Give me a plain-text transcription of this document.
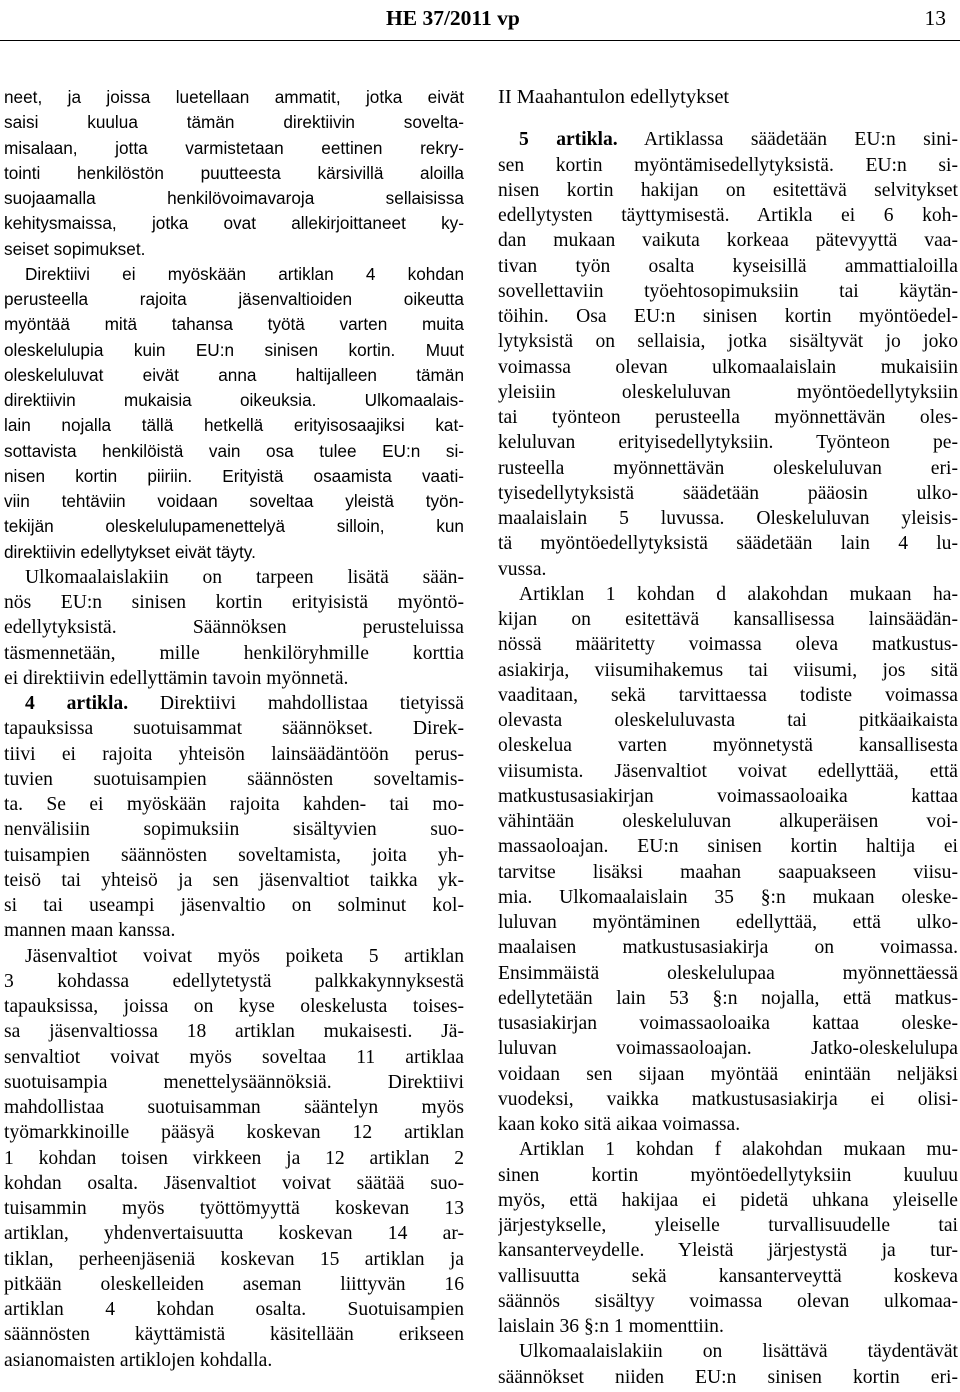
HE 37/2011 vp	13
neet, ja joissa luetellaan ammatit, jotka eivät
saisi kuulua tämän direktiivin sovelta-
misalaan, jotta varmistetaan eettinen rekry-
tointi henkilöstön puutteesta kärsivillä aloilla
suojaamalla henkilövoimavaroja sellaisissa
kehitysmaissa, jotka ovat allekirjoittaneet ky-
seiset sopimukset.
Direktiivi ei myöskään artiklan 4 kohdan
perusteella rajoita jäsenvaltioiden oikeutta
myöntää mitä tahansa työtä varten muita
oleskelulupia kuin EU:n sinisen kortin. Muut
oleskeluluvat eivät anna haltijalleen tämän
direktiivin mukaisia oikeuksia. Ulkomaalais-
lain nojalla tällä hetkellä erityisosaajiksi kat-
sottavista henkilöistä vain osa tulee EU:n si-
nisen kortin piiriin. Erityistä osaamista vaati-
viin tehtäviin voidaan soveltaa yleistä työn-
tekijän oleskelulupamenettelyä silloin, kun
direktiivin edellytykset eivät täyty.
Ulkomaalaislakiin on tarpeen lisätä sään-
nös EU:n sinisen kortin erityisistä myöntö-
edellytyksistä. Säännöksen perusteluissa
täsmennetään, mille henkilöryhmille korttia
ei direktiivin edellyttämin tavoin myönnetä.
4 artikla. Direktiivi mahdollistaa tietyissä
tapauksissa suotuisammat säännökset. Direk-
tiivi ei rajoita yhteisön lainsäädäntöön perus-
tuvien suotuisampien säännösten soveltamis-
ta. Se ei myöskään rajoita kahden- tai mo-
nenvälisiin sopimuksiin sisältyvien suo-
tuisampien säännösten soveltamista, joita yh-
teisö tai yhteisö ja sen jäsenvaltiot taikka yk-
si tai useampi jäsenvaltio on solminut kol-
mannen maan kanssa.
Jäsenvaltiot voivat myös poiketa 5 artiklan
3 kohdassa edellytetystä palkkakynnyksestä
tapauksissa, joissa on kyse oleskelusta toises-
sa jäsenvaltiossa 18 artiklan mukaisesti. Jä-
senvaltiot voivat myös soveltaa 11 artiklaa
suotuisampia menettelysäännöksiä. Direktiivi
mahdollistaa suotuisamman sääntelyn myös
työmarkkinoille pääsyä koskevan 12 artiklan
1 kohdan toisen virkkeen ja 12 artiklan 2
kohdan osalta. Jäsenvaltiot voivat säätää suo-
tuisammin myös työttömyyttä koskevan 13
artiklan, yhdenvertaisuutta koskevan 14 ar-
tiklan, perheenjäseniä koskevan 15 artiklan ja
pitkään oleskelleiden aseman liittyvän 16
artiklan 4 kohdan osalta. Suotuisampien
säännösten käyttämistä käsitellään erikseen
asianomaisten artiklojen kohdalla.
II Maahantulon edellytykset
5 artikla. Artiklassa säädetään EU:n sini-
sen kortin myöntämisedellytyksistä. EU:n si-
nisen kortin hakijan on esitettävä selvitykset
edellytysten täyttymisestä. Artikla ei 6 koh-
dan mukaan vaikuta korkeaa pätevyyttä vaa-
tivan työn osalta kyseisillä ammattialoilla
sovellettaviin työehtosopimuksiin tai käytän-
töihin. Osa EU:n sinisen kortin myöntöedel-
lytyksistä on sellaisia, jotka sisältyvät jo joko
voimassa olevan ulkomaalaislain mukaisiin
yleisiin oleskeluluvan myöntöedellytyksiin
tai työnteon perusteella myönnettävän oles-
keluluvan erityisedellytyksiin. Työnteon pe-
rusteella myönnettävän oleskeluluvan eri-
tyisedellytyksistä säädetään pääosin ulko-
maalaislain 5 luvussa. Oleskeluluvan yleisis-
tä myöntöedellytyksistä säädetään lain 4 lu-
vussa.
Artiklan 1 kohdan d alakohdan mukaan ha-
kijan on esitettävä kansallisessa lainsäädän-
nössä määritetty voimassa oleva matkustus-
asiakirja, viisumihakemus tai viisumi, jos sitä
vaaditaan, sekä tarvittaessa todiste voimassa
olevasta oleskeluluvasta tai pitkäaikaista
oleskelua varten myönnetystä kansallisesta
viisumista. Jäsenvaltiot voivat edellyttää, että
matkustusasiakirjan voimassaoloaika kattaa
vähintään oleskeluluvan alkuperäisen voi-
massaoloajan. EU:n sinisen kortin haltija ei
tarvitse lisäksi maahan saapuakseen viisu-
mia. Ulkomaalaislain 35 §:n mukaan oleske-
luluvan myöntäminen edellyttää, että ulko-
maalaisen matkustusasiakirja on voimassa.
Ensimmäistä oleskelulupaa myönnettäessä
edellytetään lain 53 §:n nojalla, että matkus-
tusasiakirjan voimassaoloaika kattaa oleske-
luluvan voimassaoloajan. Jatko-oleskelulupa
voidaan sen sijaan myöntää enintään neljäksi
vuodeksi, vaikka matkustusasiakirja ei olisi-
kaan koko sitä aikaa voimassa.
Artiklan 1 kohdan f alakohdan mukaan mu-
sinen kortin myöntöedellytyksiin kuuluu
myös, että hakijaa ei pidetä uhkana yleiselle
järjestykselle, yleiselle turvallisuudelle tai
kansanterveydelle. Yleistä järjestystä ja tur-
vallisuutta sekä kansanterveyttä koskeva
säännös sisältyy voimassa olevan ulkomaa-
laislain 36 §:n 1 momenttiin.
Ulkomaalaislakiin on lisättävä täydentävät
säännökset niiden EU:n sinisen kortin eri-
